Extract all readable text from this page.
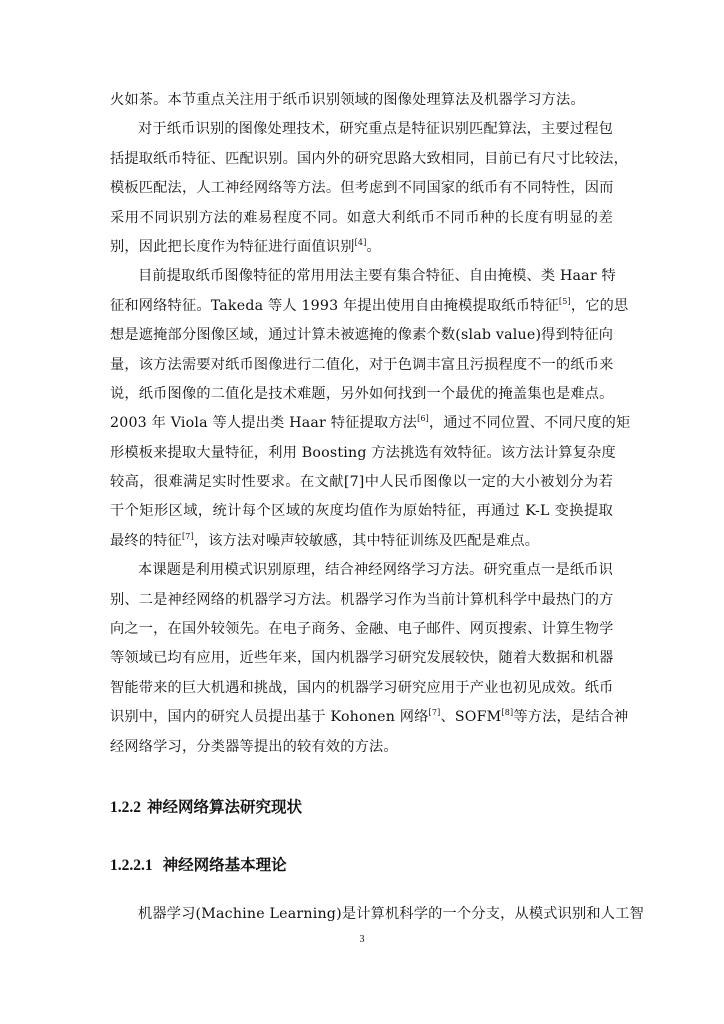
火如茶。本节重点关注用于纸币识别领域的图像处理算法及机器学习方法。
对于纸币识别的图像处理技术，研究重点是特征识别匹配算法，主要过程包
括提取纸币特征、匹配识别。国内外的研究思路大致相同，目前已有尺寸比较法，
模板匹配法，人工神经网络等方法。但考虑到不同国家的纸币有不同特性，因而
采用不同识别方法的难易程度不同。如意大利纸币不同币种的长度有明显的差
别，因此把长度作为特征进行面值识别[4]。
目前提取纸币图像特征的常用用法主要有集合特征、自由掩模、类 Haar 特
征和网络特征。Takeda 等人 1993 年提出使用自由掩模提取纸币特征[5]，它的思
想是遮掩部分图像区域，通过计算未被遮掩的像素个数(slab value)得到特征向
量，该方法需要对纸币图像进行二值化，对于色调丰富且污损程度不一的纸币来
说，纸币图像的二值化是技术难题，另外如何找到一个最优的掩盖集也是难点。
2003 年 Viola 等人提出类 Haar 特征提取方法[6]，通过不同位置、不同尺度的矩
形模板来提取大量特征，利用 Boosting 方法挑选有效特征。该方法计算复杂度
较高，很难满足实时性要求。在文献[7]中人民币图像以一定的大小被划分为若
干个矩形区域，统计每个区域的灰度均值作为原始特征，再通过 K-L 变换提取
最终的特征[7]，该方法对噪声较敏感，其中特征训练及匹配是难点。
本课题是利用模式识别原理，结合神经网络学习方法。研究重点一是纸币识
别、二是神经网络的机器学习方法。机器学习作为当前计算机科学中最热门的方
向之一，在国外较领先。在电子商务、金融、电子邮件、网页搜索、计算生物学
等领域已均有应用，近些年来，国内机器学习研究发展较快，随着大数据和机器
智能带来的巨大机遇和挑战，国内的机器学习研究应用于产业也初见成效。纸币
识别中，国内的研究人员提出基于 Kohonen 网络[7]、SOFM[8]等方法，是结合神
经网络学习，分类器等提出的较有效的方法。
1.2.2 神经网络算法研究现状
1.2.2.1 神经网络基本理论
机器学习(Machine Learning)是计算机科学的一个分支，从模式识别和人工智
3
